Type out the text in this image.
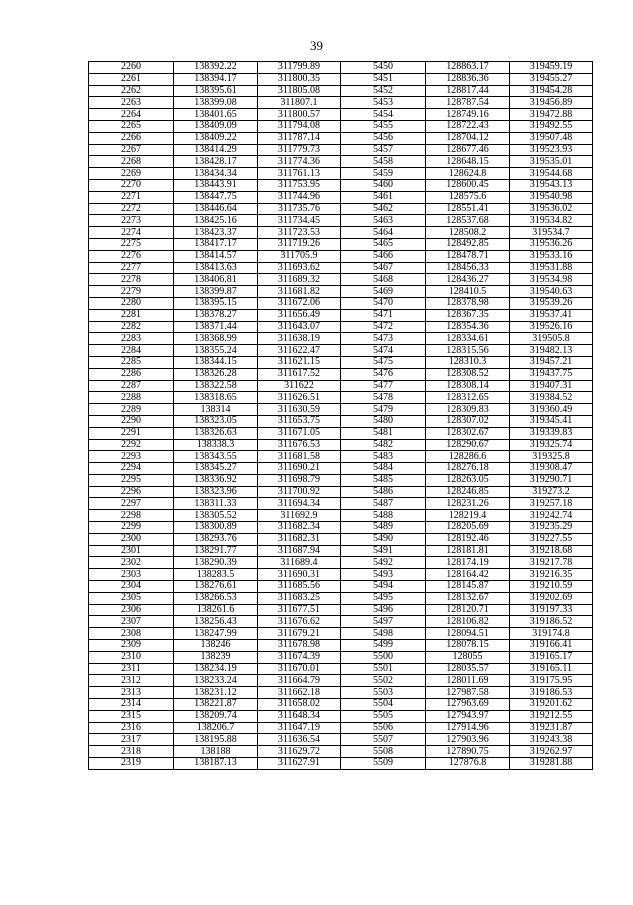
39
2260	138392.22	311799.89	5450	128863.17	319459.19
2261	138394.17	311800.35	5451	128836.36	319455.27
2262	138395.61	311805.08	5452	128817.44	319454.28
2263	138399.08	311807.1	5453	128787.54	319456.89
2264	138401.65	311800.57	5454	128749.16	319472.88
2265	138409.09	311794.08	5455	128722.43	319492.55
2266	138409.22	311787.14	5456	128704.12	319507.48
2267	138414.29	311779.73	5457	128677.46	319523.93
2268	138428.17	311774.36	5458	128648.15	319535.01
2269	138434.34	311761.13	5459	128624.8	319544.68
2270	138443.91	311753.95	5460	128600.45	319543.13
2271	138447.75	311744.96	5461	128575.6	319540.98
2272	138446.64	311735.76	5462	128551.41	319536.02
2273	138425.16	311734.45	5463	128537.68	319534.82
2274	138423.37	311723.53	5464	128508.2	319534.7
2275	138417.17	311719.26	5465	128492.85	319536.26
2276	138414.57	311705.9	5466	128478.71	319533.16
2277	138413.63	311693.62	5467	128456.33	319531.88
2278	138406.81	311689.32	5468	128436.27	319534.98
2279	138399.87	311681.82	5469	128410.5	319540.63
2280	138395.15	311672.06	5470	128378.98	319539.26
2281	138378.27	311656.49	5471	128367.35	319537.41
2282	138371.44	311643.07	5472	128354.36	319526.16
2283	138368.99	311638.19	5473	128334.61	319505.8
2284	138355.24	311622.47	5474	128315.56	319482.13
2285	138344.15	311621.15	5475	128310.3	319457.21
2286	138326.28	311617.52	5476	128308.52	319437.75
2287	138322.58	311622	5477	128308.14	319407.31
2288	138318.65	311626.51	5478	128312.65	319384.52
2289	138314	311630.59	5479	128309.83	319360.49
2290	138323.05	311653.75	5480	128307.02	319345.41
2291	138326.63	311671.05	5481	128302.67	319339.83
2292	138338.3	311676.53	5482	128290.67	319325.74
2293	138343.55	311681.58	5483	128286.6	319325.8
2294	138345.27	311690.21	5484	128276.18	319308.47
2295	138336.92	311698.79	5485	128263.05	319290.71
2296	138323.96	311700.92	5486	128246.85	319273.2
2297	138311.33	311694.34	5487	128231.26	319257.18
2298	138305.52	311692.9	5488	128219.4	319242.74
2299	138300.89	311682.34	5489	128205.69	319235.29
2300	138293.76	311682.31	5490	128192.46	319227.55
2301	138291.77	311687.94	5491	128181.81	319218.68
2302	138290.39	311689.4	5492	128174.19	319217.78
2303	138283.5	311690.31	5493	128164.42	319216.35
2304	138276.61	311685.56	5494	128145.87	319210.59
2305	138266.53	311683.25	5495	128132.67	319202.69
2306	138261.6	311677.51	5496	128120.71	319197.33
2307	138256.43	311676.62	5497	128106.82	319186.52
2308	138247.99	311679.21	5498	128094.51	319174.8
2309	138246	311678.98	5499	128078.15	319166.41
2310	138239	311674.39	5500	128055	319165.17
2311	138234.19	311670.01	5501	128035.57	319165.11
2312	138233.24	311664.79	5502	128011.69	319175.95
2313	138231.12	311662.18	5503	127987.58	319186.53
2314	138221.87	311658.02	5504	127963.69	319201.62
2315	138209.74	311648.34	5505	127943.97	319212.55
2316	138206.7	311647.19	5506	127914.96	319231.87
2317	138195.88	311636.54	5507	127903.96	319243.38
2318	138188	311629.72	5508	127890.75	319262.97
2319	138187.13	311627.91	5509	127876.8	319281.88
